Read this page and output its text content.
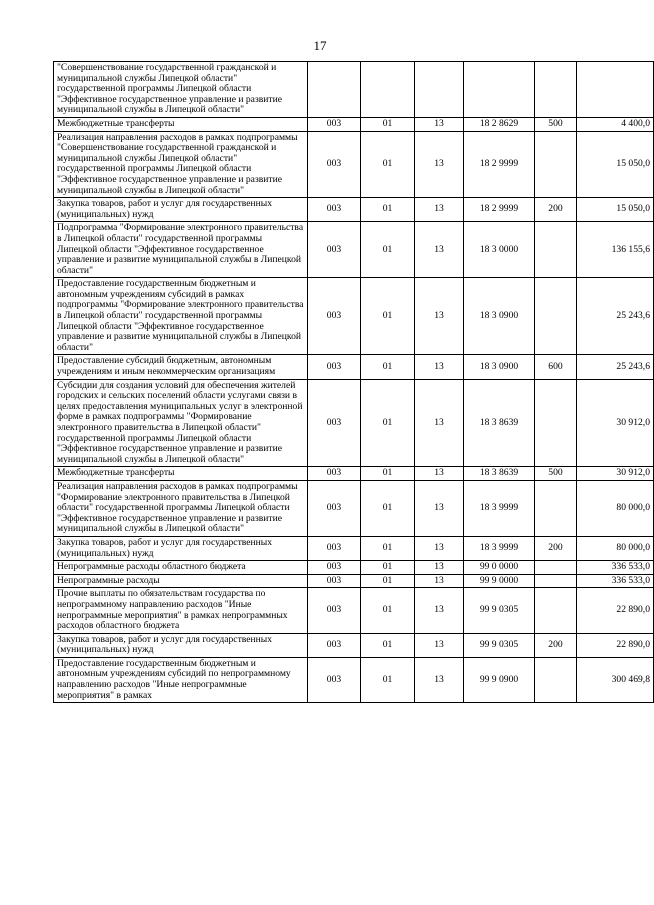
17
"Совершенствование государственной гражданской и муниципальной службы Липецкой области" государственной программы Липецкой области "Эффективное государственное управление и развитие муниципальной службы в Липецкой области"						
Межбюджетные трансферты	003	01	13	18 2 8629	500	4 400,0
Реализация направления расходов в рамках подпрограммы "Совершенствование государственной гражданской и муниципальной службы Липецкой области" государственной программы Липецкой области "Эффективное государственное управление и развитие муниципальной службы в Липецкой области"	003	01	13	18 2 9999		15 050,0
Закупка товаров, работ и услуг для государственных (муниципальных) нужд	003	01	13	18 2 9999	200	15 050,0
Подпрограмма "Формирование электронного правительства в Липецкой области" государственной программы Липецкой области "Эффективное государственное управление и развитие муниципальной службы в Липецкой области"	003	01	13	18 3 0000		136 155,6
Предоставление государственным бюджетным и автономным учреждениям субсидий в рамках подпрограммы "Формирование электронного правительства в Липецкой области" государственной программы Липецкой области "Эффективное государственное управление и развитие муниципальной службы в Липецкой области"	003	01	13	18 3 0900		25 243,6
Предоставление субсидий бюджетным, автономным учреждениям и иным некоммерческим организациям	003	01	13	18 3 0900	600	25 243,6
Субсидии для создания условий для обеспечения жителей городских и сельских поселений области услугами связи в целях предоставления муниципальных услуг в электронной форме в рамках подпрограммы "Формирование электронного правительства в Липецкой области" государственной программы Липецкой области "Эффективное государственное управление и развитие муниципальной службы в Липецкой области"	003	01	13	18 3 8639		30 912,0
Межбюджетные трансферты	003	01	13	18 3 8639	500	30 912,0
Реализация направления расходов в рамках подпрограммы "Формирование электронного правительства в Липецкой области" государственной программы Липецкой области "Эффективное государственное управление и развитие муниципальной службы в Липецкой области"	003	01	13	18 3 9999		80 000,0
Закупка товаров, работ и услуг для государственных (муниципальных) нужд	003	01	13	18 3 9999	200	80 000,0
Непрограммные расходы областного бюджета	003	01	13	99 0 0000		336 533,0
Непрограммные расходы	003	01	13	99 9 0000		336 533,0
Прочие выплаты по обязательствам государства по непрограммному направлению расходов "Иные непрограммные мероприятия" в рамках непрограммных расходов областного бюджета	003	01	13	99 9 0305		22 890,0
Закупка товаров, работ и услуг для государственных (муниципальных) нужд	003	01	13	99 9 0305	200	22 890,0
Предоставление государственным бюджетным и автономным учреждениям субсидий по непрограммному направлению расходов "Иные непрограммные мероприятия" в рамках	003	01	13	99 9 0900		300 469,8
